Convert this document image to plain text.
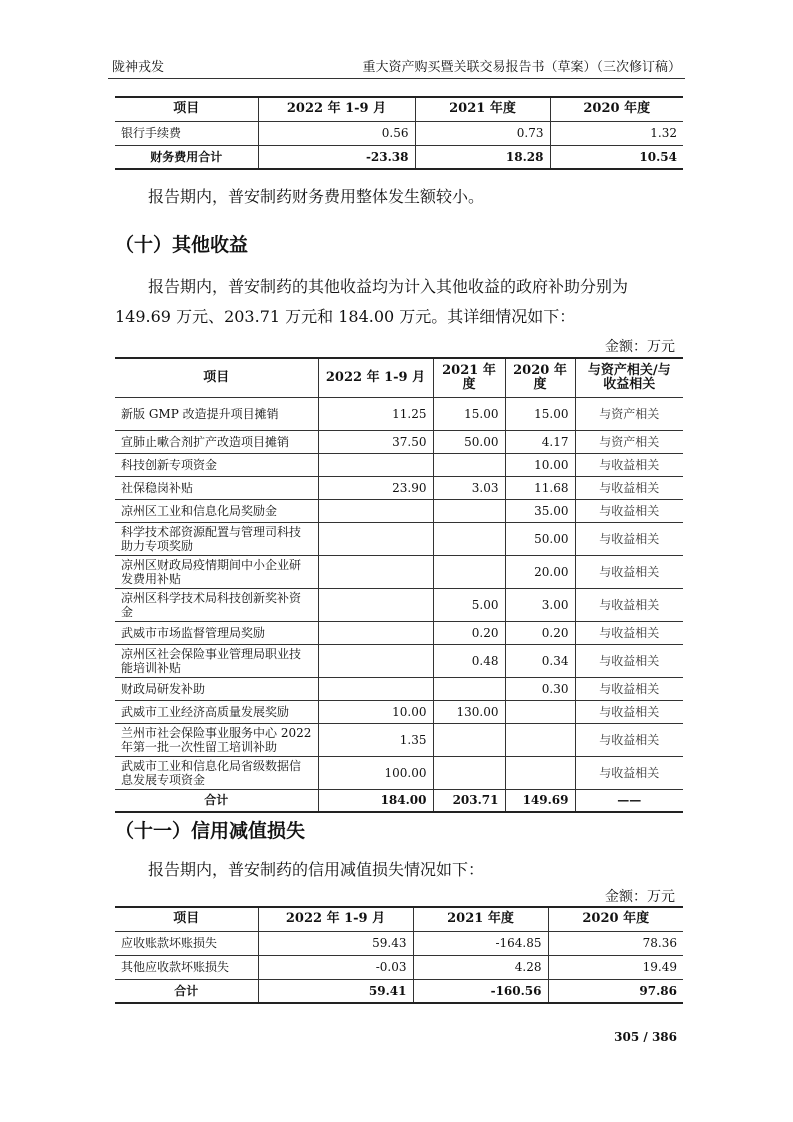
陇神戎发	重大资产购买暨关联交易报告书（草案）（三次修订稿）
项目	2022 年 1-9 月	2021 年度	2020 年度
银行手续费	0.56	0.73	1.32
财务费用合计	-23.38	18.28	10.54
报告期内，普安制药财务费用整体发生额较小。
（十）其他收益
报告期内，普安制药的其他收益均为计入其他收益的政府补助分别为149.69 万元、203.71 万元和 184.00 万元。其详细情况如下：
金额：万元
项目	2022 年 1-9 月	2021 年度	2020 年度	与资产相关/与收益相关
新版 GMP 改造提升项目摊销	11.25	15.00	15.00	与资产相关
宣肺止嗽合剂扩产改造项目摊销	37.50	50.00	4.17	与资产相关
科技创新专项资金			10.00	与收益相关
社保稳岗补贴	23.90	3.03	11.68	与收益相关
凉州区工业和信息化局奖励金			35.00	与收益相关
科学技术部资源配置与管理司科技助力专项奖励			50.00	与收益相关
凉州区财政局疫情期间中小企业研发费用补贴			20.00	与收益相关
凉州区科学技术局科技创新奖补资金		5.00	3.00	与收益相关
武威市市场监督管理局奖励		0.20	0.20	与收益相关
凉州区社会保险事业管理局职业技能培训补贴		0.48	0.34	与收益相关
财政局研发补助			0.30	与收益相关
武威市工业经济高质量发展奖励	10.00	130.00		与收益相关
兰州市社会保险事业服务中心 2022 年第一批一次性留工培训补助	1.35			与收益相关
武威市工业和信息化局省级数据信息发展专项资金	100.00			与收益相关
合计	184.00	203.71	149.69	——
（十一）信用减值损失
报告期内，普安制药的信用减值损失情况如下：
金额：万元
项目	2022 年 1-9 月	2021 年度	2020 年度
应收账款坏账损失	59.43	-164.85	78.36
其他应收款坏账损失	-0.03	4.28	19.49
合计	59.41	-160.56	97.86
305 / 386
